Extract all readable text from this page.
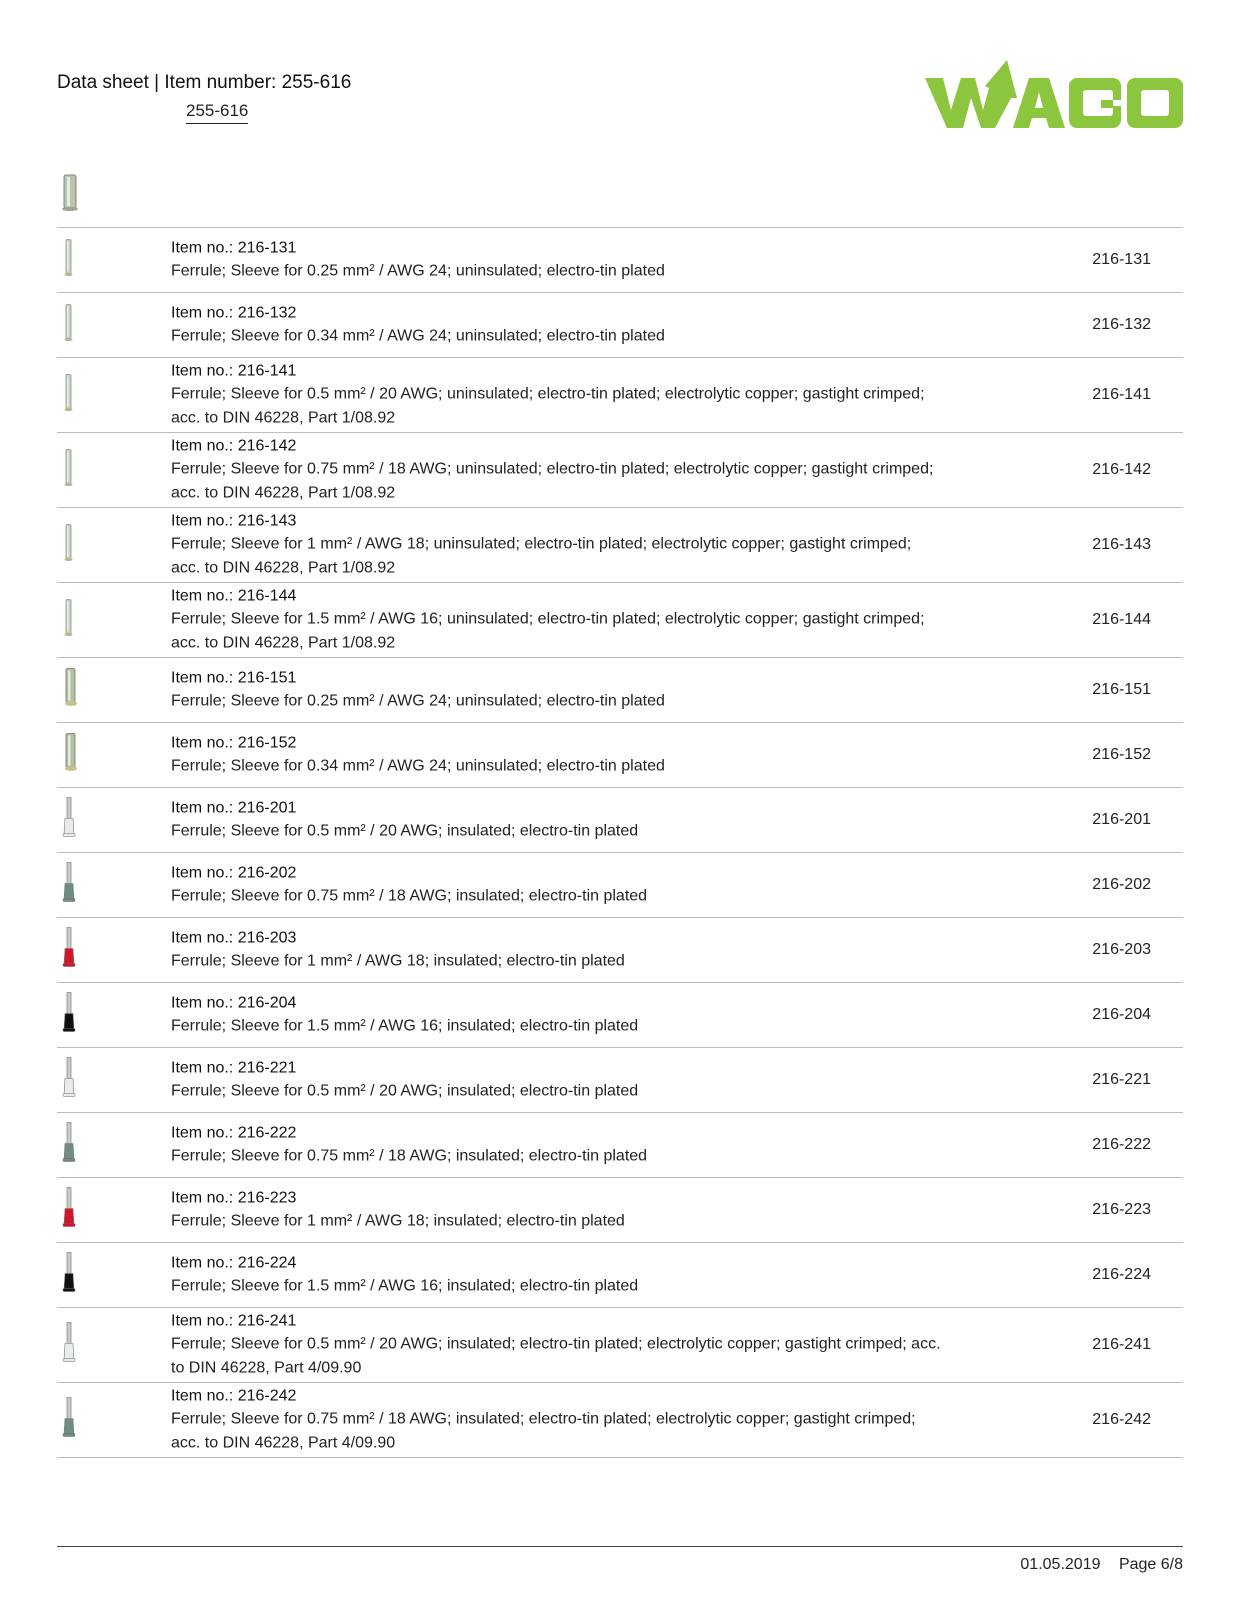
Data sheet | Item number: 255-616
255-616
Item no.: 216-131
Ferrule; Sleeve for 0.25 mm² / AWG 24; uninsulated; electro-tin plated
216-131
Item no.: 216-132
Ferrule; Sleeve for 0.34 mm² / AWG 24; uninsulated; electro-tin plated
216-132
Item no.: 216-141
Ferrule; Sleeve for 0.5 mm² / 20 AWG; uninsulated; electro-tin plated; electrolytic copper; gastight crimped; acc. to DIN 46228, Part 1/08.92
216-141
Item no.: 216-142
Ferrule; Sleeve for 0.75 mm² / 18 AWG; uninsulated; electro-tin plated; electrolytic copper; gastight crimped; acc. to DIN 46228, Part 1/08.92
216-142
Item no.: 216-143
Ferrule; Sleeve for 1 mm² / AWG 18; uninsulated; electro-tin plated; electrolytic copper; gastight crimped; acc. to DIN 46228, Part 1/08.92
216-143
Item no.: 216-144
Ferrule; Sleeve for 1.5 mm² / AWG 16; uninsulated; electro-tin plated; electrolytic copper; gastight crimped; acc. to DIN 46228, Part 1/08.92
216-144
Item no.: 216-151
Ferrule; Sleeve for 0.25 mm² / AWG 24; uninsulated; electro-tin plated
216-151
Item no.: 216-152
Ferrule; Sleeve for 0.34 mm² / AWG 24; uninsulated; electro-tin plated
216-152
Item no.: 216-201
Ferrule; Sleeve for 0.5 mm² / 20 AWG; insulated; electro-tin plated
216-201
Item no.: 216-202
Ferrule; Sleeve for 0.75 mm² / 18 AWG; insulated; electro-tin plated
216-202
Item no.: 216-203
Ferrule; Sleeve for 1 mm² / AWG 18; insulated; electro-tin plated
216-203
Item no.: 216-204
Ferrule; Sleeve for 1.5 mm² / AWG 16; insulated; electro-tin plated
216-204
Item no.: 216-221
Ferrule; Sleeve for 0.5 mm² / 20 AWG; insulated; electro-tin plated
216-221
Item no.: 216-222
Ferrule; Sleeve for 0.75 mm² / 18 AWG; insulated; electro-tin plated
216-222
Item no.: 216-223
Ferrule; Sleeve for 1 mm² / AWG 18; insulated; electro-tin plated
216-223
Item no.: 216-224
Ferrule; Sleeve for 1.5 mm² / AWG 16; insulated; electro-tin plated
216-224
Item no.: 216-241
Ferrule; Sleeve for 0.5 mm² / 20 AWG; insulated; electro-tin plated; electrolytic copper; gastight crimped; acc. to DIN 46228, Part 4/09.90
216-241
Item no.: 216-242
Ferrule; Sleeve for 0.75 mm² / 18 AWG; insulated; electro-tin plated; electrolytic copper; gastight crimped; acc. to DIN 46228, Part 4/09.90
216-242
01.05.2019 Page 6/8
